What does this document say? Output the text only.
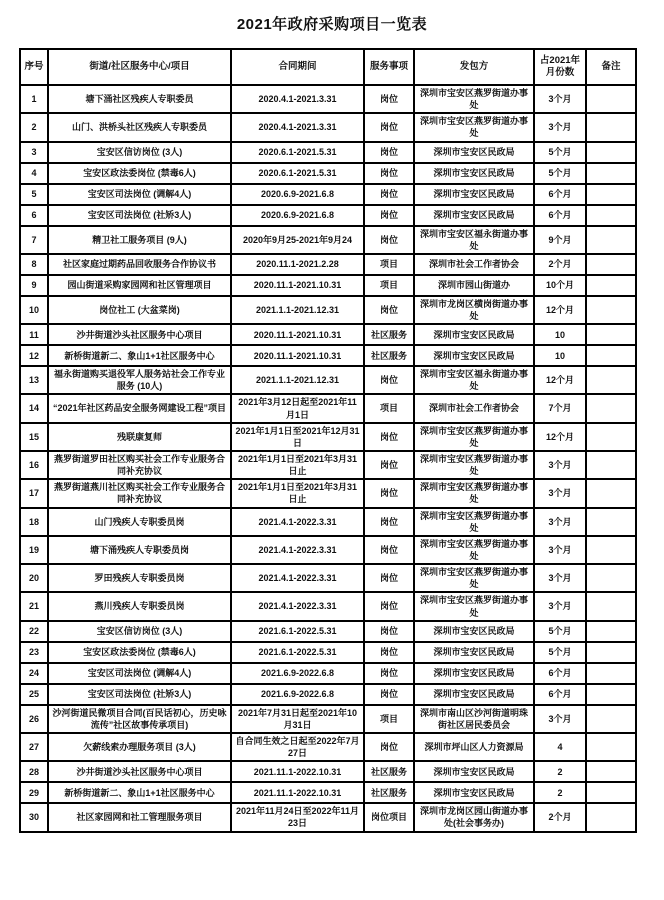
2021年政府采购项目一览表
序号	街道/社区服务中心/项目	合同期间	服务事项	发包方	占2021年月份数	备注
1	塘下涌社区残疾人专职委员	2020.4.1-2021.3.31	岗位	深圳市宝安区燕罗街道办事处	3个月	
2	山门、洪桥头社区残疾人专职委员	2020.4.1-2021.3.31	岗位	深圳市宝安区燕罗街道办事处	3个月	
3	宝安区信访岗位 (3人)	2020.6.1-2021.5.31	岗位	深圳市宝安区民政局	5个月	
4	宝安区政法委岗位 (禁毒6人)	2020.6.1-2021.5.31	岗位	深圳市宝安区民政局	5个月	
5	宝安区司法岗位 (调解4人)	2020.6.9-2021.6.8	岗位	深圳市宝安区民政局	6个月	
6	宝安区司法岗位 (社矫3人)	2020.6.9-2021.6.8	岗位	深圳市宝安区民政局	6个月	
7	精卫社工服务项目 (9人)	2020年9月25-2021年9月24	岗位	深圳市宝安区福永街道办事处	9个月	
8	社区家庭过期药品回收服务合作协议书	2020.11.1-2021.2.28	项目	深圳市社会工作者协会	2个月	
9	园山街道采购家园网和社区管理项目	2020.11.1-2021.10.31	项目	深圳市园山街道办	10个月	
10	岗位社工 (大盆菜岗)	2021.1.1-2021.12.31	岗位	深圳市龙岗区横岗街道办事处	12个月	
11	沙井街道沙头社区服务中心项目	2020.11.1-2021.10.31	社区服务	深圳市宝安区民政局	10	
12	新桥街道新二、象山1+1社区服务中心	2020.11.1-2021.10.31	社区服务	深圳市宝安区民政局	10	
13	福永街道购买退役军人服务站社会工作专业服务 (10人)	2021.1.1-2021.12.31	岗位	深圳市宝安区福永街道办事处	12个月	
14	“2021年社区药品安全服务网建设工程”项目	2021年3月12日起至2021年11月1日	项目	深圳市社会工作者协会	7个月	
15	残联康复师	2021年1月1日至2021年12月31日	岗位	深圳市宝安区燕罗街道办事处	12个月	
16	燕罗街道罗田社区购买社会工作专业服务合同补充协议	2021年1月1日至2021年3月31日止	岗位	深圳市宝安区燕罗街道办事处	3个月	
17	燕罗街道燕川社区购买社会工作专业服务合同补充协议	2021年1月1日至2021年3月31日止	岗位	深圳市宝安区燕罗街道办事处	3个月	
18	山门残疾人专职委员岗	2021.4.1-2022.3.31	岗位	深圳市宝安区燕罗街道办事处	3个月	
19	塘下涌残疾人专职委员岗	2021.4.1-2022.3.31	岗位	深圳市宝安区燕罗街道办事处	3个月	
20	罗田残疾人专职委员岗	2021.4.1-2022.3.31	岗位	深圳市宝安区燕罗街道办事处	3个月	
21	燕川残疾人专职委员岗	2021.4.1-2022.3.31	岗位	深圳市宝安区燕罗街道办事处	3个月	
22	宝安区信访岗位 (3人)	2021.6.1-2022.5.31	岗位	深圳市宝安区民政局	5个月	
23	宝安区政法委岗位 (禁毒6人)	2021.6.1-2022.5.31	岗位	深圳市宝安区民政局	5个月	
24	宝安区司法岗位 (调解4人)	2021.6.9-2022.6.8	岗位	深圳市宝安区民政局	6个月	
25	宝安区司法岗位 (社矫3人)	2021.6.9-2022.6.8	岗位	深圳市宝安区民政局	6个月	
26	沙河街道民微项目合同(百民话初心，历史咏流传”社区故事传承项目)	2021年7月31日起至2021年10月31日	项目	深圳市南山区沙河街道明珠街社区居民委员会	3个月	
27	欠薪线索办理服务项目 (3人)	自合同生效之日起至2022年7月27日	岗位	深圳市坪山区人力资源局	4	
28	沙井街道沙头社区服务中心项目	2021.11.1-2022.10.31	社区服务	深圳市宝安区民政局	2	
29	新桥街道新二、象山1+1社区服务中心	2021.11.1-2022.10.31	社区服务	深圳市宝安区民政局	2	
30	社区家园网和社工管理服务项目	2021年11月24日至2022年11月23日	岗位项目	深圳市龙岗区园山街道办事处(社会事务办)	2个月	
